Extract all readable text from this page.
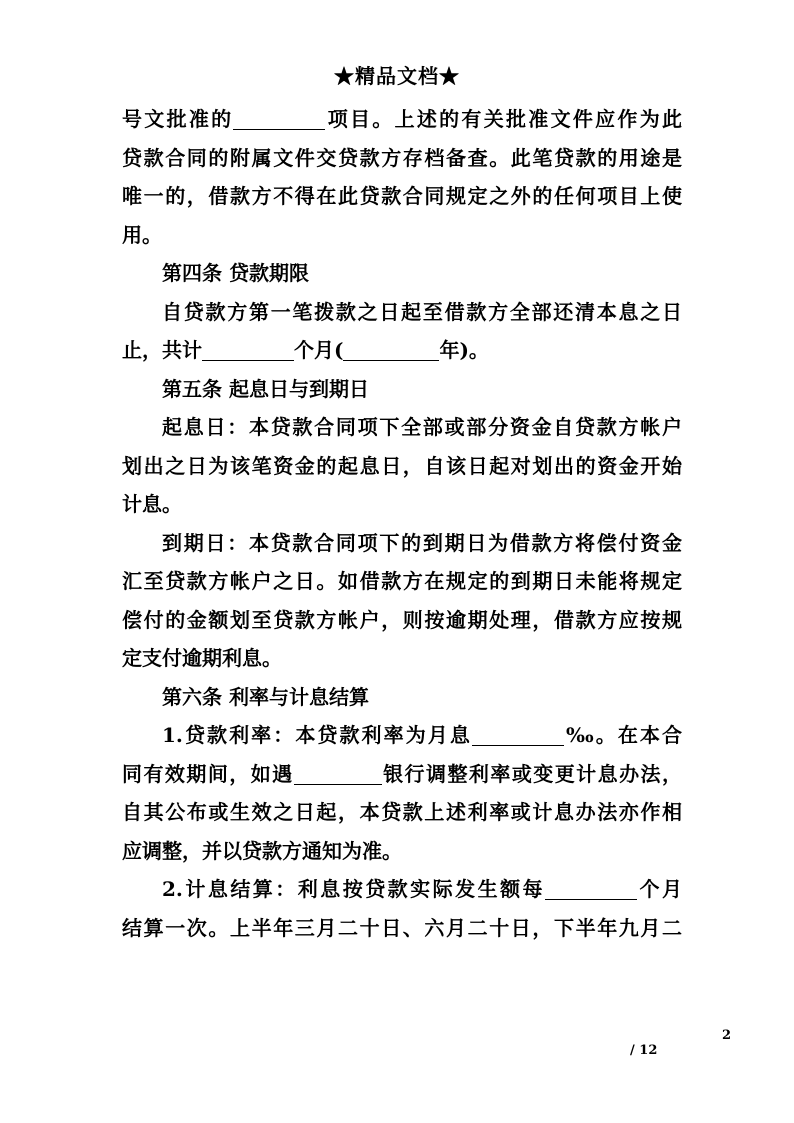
★精品文档★
号文批准的	项目。上述的有关批准文件应作为此
贷款合同的附属文件交贷款方存档备查。此笔贷款的用途是
唯一的，借款方不得在此贷款合同规定之外的任何项目上使
用。
第四条 贷款期限
自贷款方第一笔拨款之日起至借款方全部还清本息之日
止，共计	个月(	年)。
第五条 起息日与到期日
起息日：本贷款合同项下全部或部分资金自贷款方帐户
划出之日为该笔资金的起息日，自该日起对划出的资金开始
计息。
到期日：本贷款合同项下的到期日为借款方将偿付资金
汇至贷款方帐户之日。如借款方在规定的到期日未能将规定
偿付的金额划至贷款方帐户，则按逾期处理，借款方应按规
定支付逾期利息。
第六条 利率与计息结算
1.贷款利率：本贷款利率为月息	‰。在本合
同有效期间，如遇	银行调整利率或变更计息办法，
自其公布或生效之日起，本贷款上述利率或计息办法亦作相
应调整，并以贷款方通知为准。
2.计息结算：利息按贷款实际发生额每	个月
结算一次。上半年三月二十日、六月二十日，下半年九月二
2
/ 12
